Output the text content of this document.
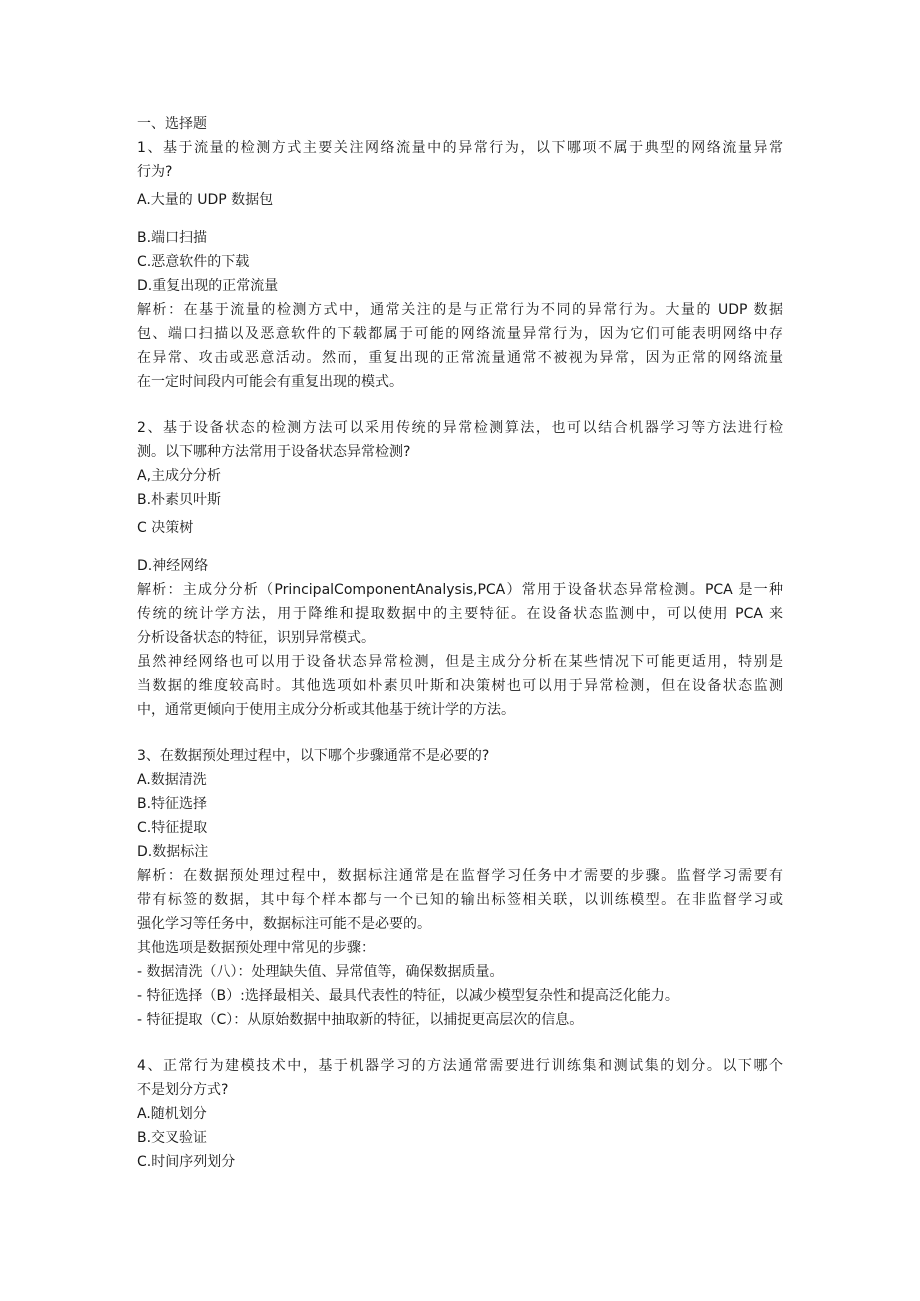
一、选择题
1、基于流量的检测方式主要关注网络流量中的异常行为，以下哪项不属于典型的网络流量异常
行为?
A.大量的 UDP 数据包
B.端口扫描
C.恶意软件的下载
D.重复出现的正常流量
解析：在基于流量的检测方式中，通常关注的是与正常行为不同的异常行为。大量的 UDP 数据
包、端口扫描以及恶意软件的下载都属于可能的网络流量异常行为，因为它们可能表明网络中存
在异常、攻击或恶意活动。然而，重复出现的正常流量通常不被视为异常，因为正常的网络流量
在一定时间段内可能会有重复出现的模式。
2、基于设备状态的检测方法可以采用传统的异常检测算法，也可以结合机器学习等方法进行检
测。以下哪种方法常用于设备状态异常检测?
A,主成分分析
B.朴素贝叶斯
C 决策树
D.神经网络
解析：主成分分析（PrincipalComponentAnalysis,PCA）常用于设备状态异常检测。PCA 是一种
传统的统计学方法，用于降维和提取数据中的主要特征。在设备状态监测中，可以使用 PCA 来
分析设备状态的特征，识别异常模式。
虽然神经网络也可以用于设备状态异常检测，但是主成分分析在某些情况下可能更适用，特别是
当数据的维度较高时。其他选项如朴素贝叶斯和决策树也可以用于异常检测，但在设备状态监测
中，通常更倾向于使用主成分分析或其他基于统计学的方法。
3、在数据预处理过程中，以下哪个步骤通常不是必要的?
A.数据清洗
B.特征选择
C.特征提取
D.数据标注
解析：在数据预处理过程中，数据标注通常是在监督学习任务中才需要的步骤。监督学习需要有
带有标签的数据，其中每个样本都与一个已知的输出标签相关联，以训练模型。在非监督学习或
强化学习等任务中，数据标注可能不是必要的。
其他选项是数据预处理中常见的步骤：
- 数据清洗（八）：处理缺失值、异常值等，确保数据质量。
- 特征选择（B）:选择最相关、最具代表性的特征，以减少模型复杂性和提高泛化能力。
- 特征提取（C）：从原始数据中抽取新的特征，以捕捉更高层次的信息。
4、正常行为建模技术中，基于机器学习的方法通常需要进行训练集和测试集的划分。以下哪个
不是划分方式?
A.随机划分
B.交叉验证
C.时间序列划分
